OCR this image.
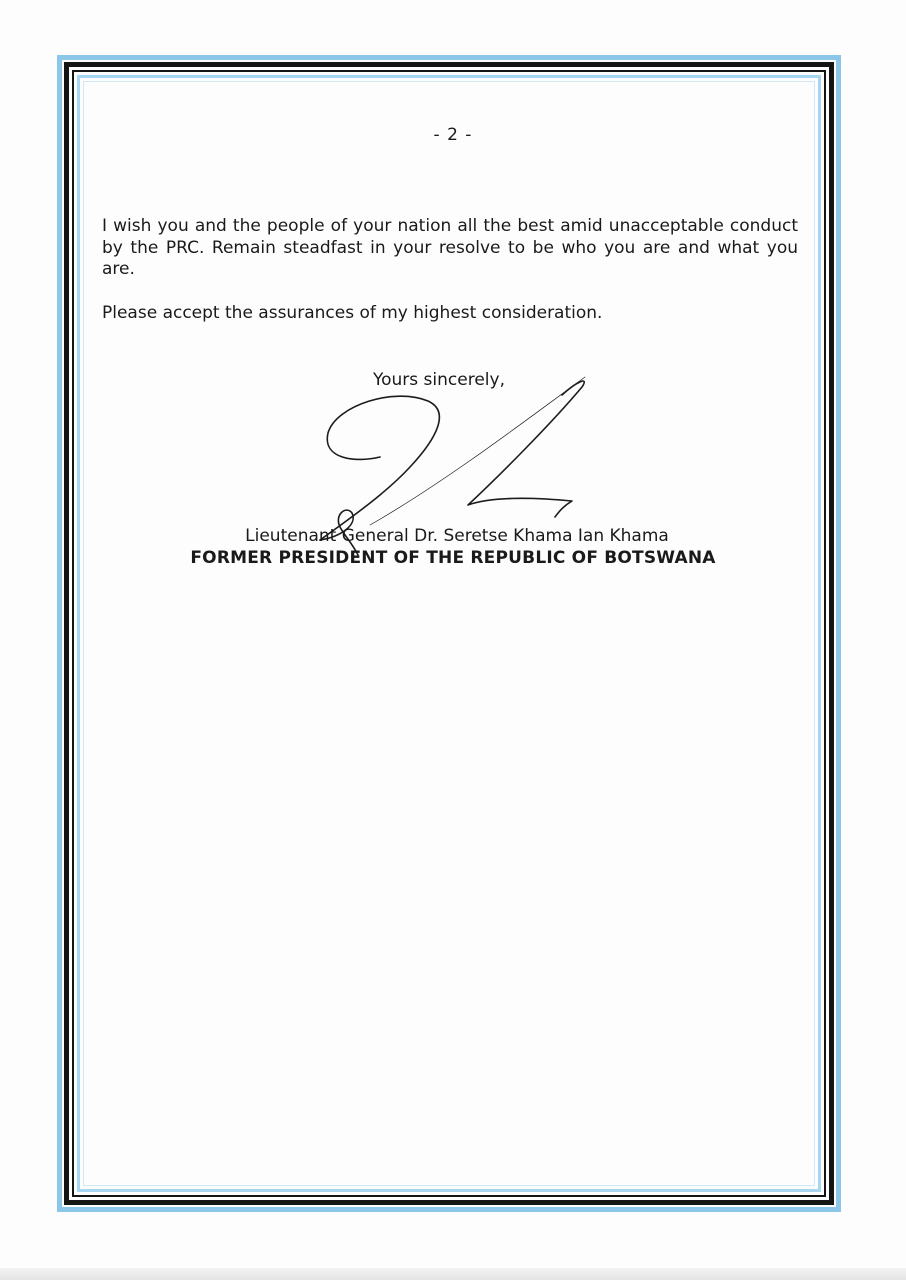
- 2 -

I wish you and the people of your nation all the best amid unacceptable conduct by the PRC. Remain steadfast in your resolve to be who you are and what you are.

Please accept the assurances of my highest consideration.

Yours sincerely,
Lieutenant General Dr. Seretse Khama Ian Khama
FORMER PRESIDENT OF THE REPUBLIC OF BOTSWANA
